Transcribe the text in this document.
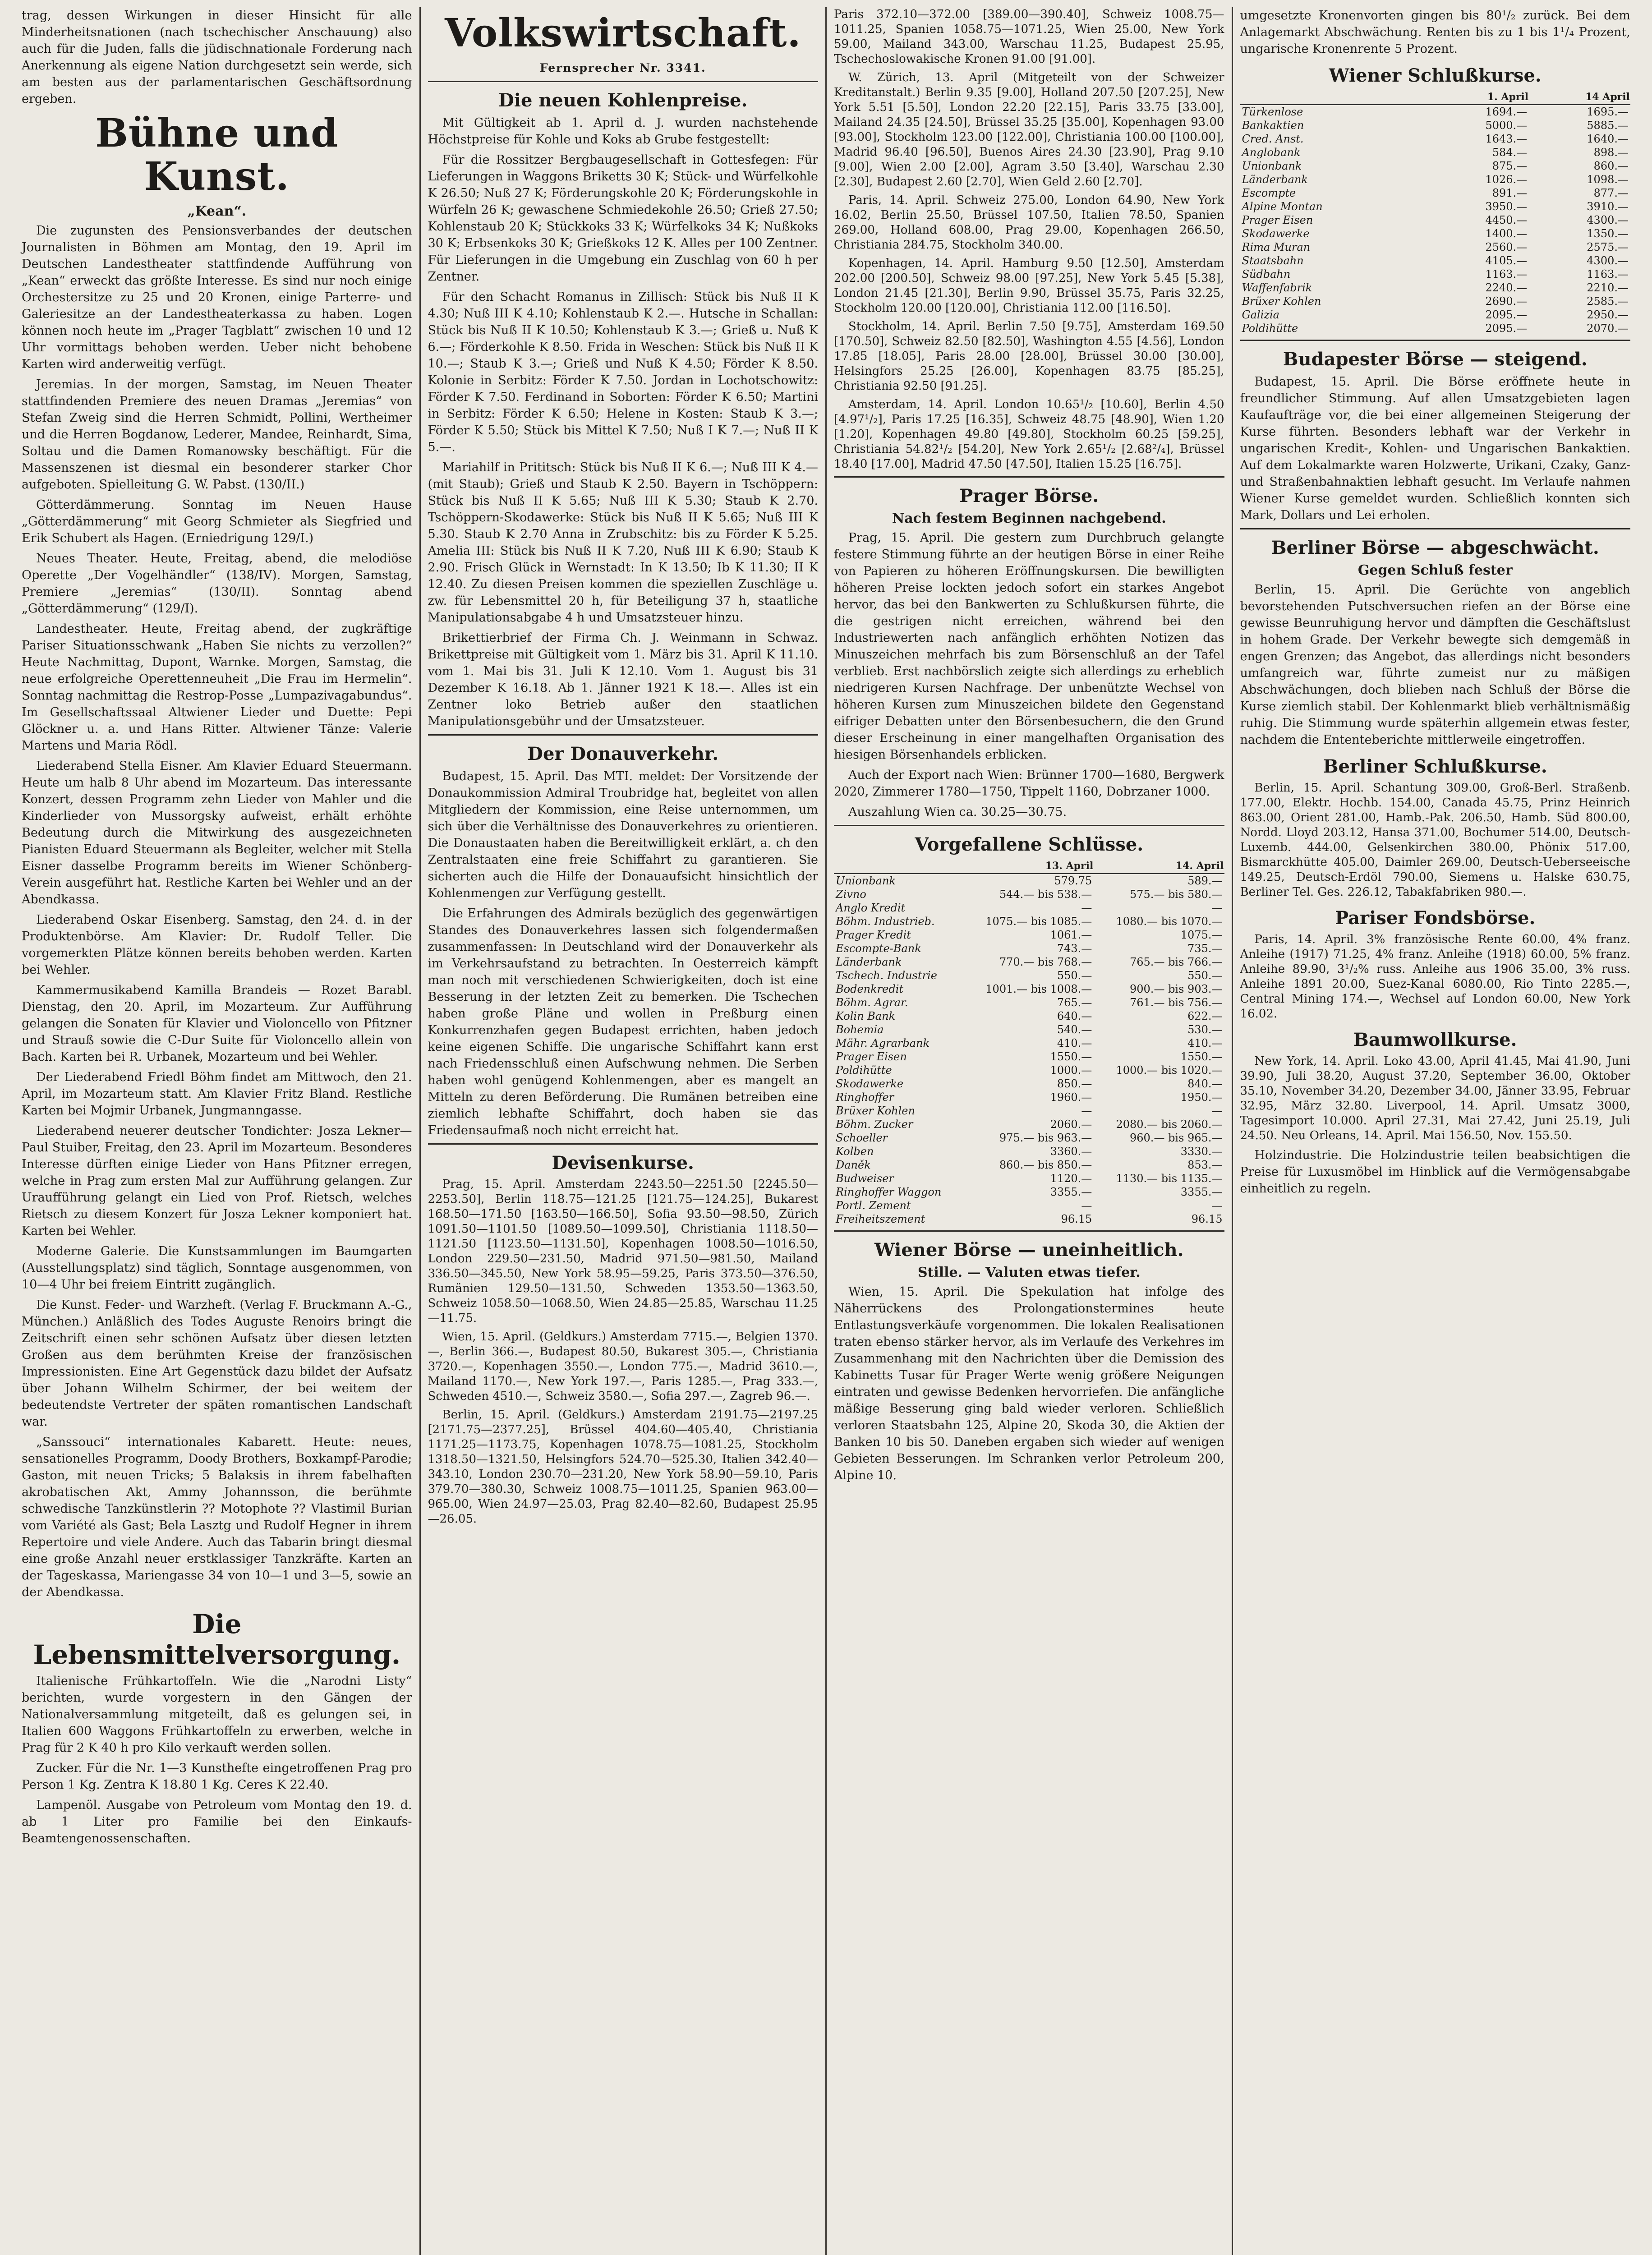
trag, dessen Wirkungen in dieser Hinsicht für alle Minderheitsnationen (nach tschechischer Anschauung) also auch für die Juden, falls die jüdischnationale Forderung nach Anerkennung als eigene Nation durchgesetzt sein werde, sich am besten aus der parlamentarischen Geschäftsordnung ergeben.

Bühne und Kunst.
„Kean“.

Die zugunsten des Pensionsverbandes der deutschen Journalisten in Böhmen am Montag, den 19. April im Deutschen Landestheater stattfindende Aufführung von „Kean“ erweckt das größte Interesse. Es sind nur noch einige Orchestersitze zu 25 und 20 Kronen, einige Parterre- und Galeriesitze an der Landestheaterkassa zu haben. Logen können noch heute im „Prager Tagblatt“ zwischen 10 und 12 Uhr vormittags behoben werden. Ueber nicht behobene Karten wird anderweitig verfügt.

Jeremias. In der morgen, Samstag, im Neuen Theater stattfindenden Premiere des neuen Dramas „Jeremias“ von Stefan Zweig sind die Herren Schmidt, Pollini, Wertheimer und die Herren Bogdanow, Lederer, Mandee, Reinhardt, Sima, Soltau und die Damen Romanowsky beschäftigt. Für die Massenszenen ist diesmal ein besonderer starker Chor aufgeboten. Spielleitung G. W. Pabst. (130/II.)

Götterdämmerung. Sonntag im Neuen Hause „Götterdämmerung“ mit Georg Schmieter als Siegfried und Erik Schubert als Hagen. (Erniedrigung 129/I.)

Neues Theater. Heute, Freitag, abend, die melodiöse Operette „Der Vogelhändler“ (138/IV). Morgen, Samstag, Premiere „Jeremias“ (130/II). Sonntag abend „Götterdämmerung“ (129/I).

Landestheater. Heute, Freitag abend, der zugkräftige Pariser Situationsschwank „Haben Sie nichts zu verzollen?“ Heute Nachmittag, Dupont, Warnke. Morgen, Samstag, die neue erfolgreiche Operettenneuheit „Die Frau im Hermelin“. Sonntag nachmittag die Restrop-Posse „Lumpazivagabundus“. Im Gesellschaftssaal Altwiener Lieder und Duette: Pepi Glöckner u. a. und Hans Ritter. Altwiener Tänze: Valerie Martens und Maria Rödl.

Liederabend Stella Eisner. Am Klavier Eduard Steuermann. Heute um halb 8 Uhr abend im Mozarteum. Das interessante Konzert, dessen Programm zehn Lieder von Mahler und die Kinderlieder von Mussorgsky aufweist, erhält erhöhte Bedeutung durch die Mitwirkung des ausgezeichneten Pianisten Eduard Steuermann als Begleiter, welcher mit Stella Eisner dasselbe Programm bereits im Wiener Schönberg-Verein ausgeführt hat. Restliche Karten bei Wehler und an der Abendkassa.

Liederabend Oskar Eisenberg. Samstag, den 24. d. in der Produktenbörse. Am Klavier: Dr. Rudolf Teller. Die vorgemerkten Plätze können bereits behoben werden. Karten bei Wehler.

Kammermusikabend Kamilla Brandeis — Rozet Barabl. Dienstag, den 20. April, im Mozarteum. Zur Aufführung gelangen die Sonaten für Klavier und Violoncello von Pfitzner und Strauß sowie die C-Dur Suite für Violoncello allein von Bach. Karten bei R. Urbanek, Mozarteum und bei Wehler.

Der Liederabend Friedl Böhm findet am Mittwoch, den 21. April, im Mozarteum statt. Am Klavier Fritz Bland. Restliche Karten bei Mojmir Urbanek, Jungmanngasse.

Liederabend neuerer deutscher Tondichter: Josza Lekner—Paul Stuiber, Freitag, den 23. April im Mozarteum. Besonderes Interesse dürften einige Lieder von Hans Pfitzner erregen, welche in Prag zum ersten Mal zur Aufführung gelangen. Zur Uraufführung gelangt ein Lied von Prof. Rietsch, welches Rietsch zu diesem Konzert für Josza Lekner komponiert hat. Karten bei Wehler.

Moderne Galerie. Die Kunstsammlungen im Baumgarten (Ausstellungsplatz) sind täglich, Sonntage ausgenommen, von 10—4 Uhr bei freiem Eintritt zugänglich.

Die Kunst. Feder- und Warzheft. (Verlag F. Bruckmann A.-G., München.) Anläßlich des Todes Auguste Renoirs bringt die Zeitschrift einen sehr schönen Aufsatz über diesen letzten Großen aus dem berühmten Kreise der französischen Impressionisten. Eine Art Gegenstück dazu bildet der Aufsatz über Johann Wilhelm Schirmer, der bei weitem der bedeutendste Vertreter der späten romantischen Landschaft war.

„Sanssouci“ internationales Kabarett. Heute: neues, sensationelles Programm, Doody Brothers, Boxkampf-Parodie; Gaston, mit neuen Tricks; 5 Balaksis in ihrem fabelhaften akrobatischen Akt, Ammy Johannsson, die berühmte schwedische Tanzkünstlerin ?? Motophote ?? Vlastimil Burian vom Variété als Gast; Bela Lasztg und Rudolf Hegner in ihrem Repertoire und viele Andere. Auch das Tabarin bringt diesmal eine große Anzahl neuer erstklassiger Tanzkräfte. Karten an der Tageskassa, Mariengasse 34 von 10—1 und 3—5, sowie an der Abendkassa.

Die Lebensmittelversorgung.

Italienische Frühkartoffeln. Wie die „Narodni Listy“ berichten, wurde vorgestern in den Gängen der Nationalversammlung mitgeteilt, daß es gelungen sei, in Italien 600 Waggons Frühkartoffeln zu erwerben, welche in Prag für 2 K 40 h pro Kilo verkauft werden sollen.

Zucker. Für die Nr. 1—3 Kunsthefte eingetroffenen Prag pro Person 1 Kg. Zentra K 18.80 1 Kg. Ceres K 22.40.

Lampenöl. Ausgabe von Petroleum vom Montag den 19. d. ab 1 Liter pro Familie bei den Einkaufs-Beamtengenossenschaften.

Volkswirtschaft.
Fernsprecher Nr. 3341.
Die neuen Kohlenpreise.

Mit Gültigkeit ab 1. April d. J. wurden nachstehende Höchstpreise für Kohle und Koks ab Grube festgestellt:

Für die Rossitzer Bergbaugesellschaft in Gottesfegen: Für Lieferungen in Waggons Briketts 30 K; Stück- und Würfelkohle K 26.50; Nuß 27 K; Förderungskohle 20 K; Förderungskohle in Würfeln 26 K; gewaschene Schmiedekohle 26.50; Grieß 27.50; Kohlenstaub 20 K; Stückkoks 33 K; Würfelkoks 34 K; Nußkoks 30 K; Erbsenkoks 30 K; Grießkoks 12 K. Alles per 100 Zentner. Für Lieferungen in die Umgebung ein Zuschlag von 60 h per Zentner.

Für den Schacht Romanus in Zillisch: Stück bis Nuß II K 4.30; Nuß III K 4.10; Kohlenstaub K 2.—. Hutsche in Schallan: Stück bis Nuß II K 10.50; Kohlenstaub K 3.—; Grieß u. Nuß K 6.—; Förderkohle K 8.50. Frida in Weschen: Stück bis Nuß II K 10.—; Staub K 3.—; Grieß und Nuß K 4.50; Förder K 8.50. Kolonie in Serbitz: Förder K 7.50. Jordan in Lochotschowitz: Förder K 7.50. Ferdinand in Soborten: Förder K 6.50; Martini in Serbitz: Förder K 6.50; Helene in Kosten: Staub K 3.—; Förder K 5.50; Stück bis Mittel K 7.50; Nuß I K 7.—; Nuß II K 5.—.

Mariahilf in Prititsch: Stück bis Nuß II K 6.—; Nuß III K 4.— (mit Staub); Grieß und Staub K 2.50. Bayern in Tschöppern: Stück bis Nuß II K 5.65; Nuß III K 5.30; Staub K 2.70. Tschöppern-Skodawerke: Stück bis Nuß II K 5.65; Nuß III K 5.30. Staub K 2.70 Anna in Zrubschitz: bis zu Förder K 5.25. Amelia III: Stück bis Nuß II K 7.20, Nuß III K 6.90; Staub K 2.90. Frisch Glück in Wernstadt: In K 13.50; Ib K 11.30; II K 12.40. Zu diesen Preisen kommen die speziellen Zuschläge u. zw. für Lebensmittel 20 h, für Beteiligung 37 h, staatliche Manipulationsabgabe 4 h und Umsatzsteuer hinzu.

Brikettierbrief der Firma Ch. J. Weinmann in Schwaz. Brikettpreise mit Gültigkeit vom 1. März bis 31. April K 11.10. vom 1. Mai bis 31. Juli K 12.10. Vom 1. August bis 31 Dezember K 16.18. Ab 1. Jänner 1921 K 18.—. Alles ist ein Zentner loko Betrieb außer den staatlichen Manipulationsgebühr und der Umsatzsteuer.

Der Donauverkehr.

Budapest, 15. April. Das MTI. meldet: Der Vorsitzende der Donaukommission Admiral Troubridge hat, begleitet von allen Mitgliedern der Kommission, eine Reise unternommen, um sich über die Verhältnisse des Donauverkehres zu orientieren. Die Donaustaaten haben die Bereitwilligkeit erklärt, a. ch den Zentralstaaten eine freie Schiffahrt zu garantieren. Sie sicherten auch die Hilfe der Donauaufsicht hinsichtlich der Kohlenmengen zur Verfügung gestellt.

Die Erfahrungen des Admirals bezüglich des gegenwärtigen Standes des Donauverkehres lassen sich folgendermaßen zusammenfassen: In Deutschland wird der Donauverkehr als im Verkehrsaufstand zu betrachten. In Oesterreich kämpft man noch mit verschiedenen Schwierigkeiten, doch ist eine Besserung in der letzten Zeit zu bemerken. Die Tschechen haben große Pläne und wollen in Preßburg einen Konkurrenzhafen gegen Budapest errichten, haben jedoch keine eigenen Schiffe. Die ungarische Schiffahrt kann erst nach Friedensschluß einen Aufschwung nehmen. Die Serben haben wohl genügend Kohlenmengen, aber es mangelt an Mitteln zu deren Beförderung. Die Rumänen betreiben eine ziemlich lebhafte Schiffahrt, doch haben sie das Friedensaufmaß noch nicht erreicht hat.

Devisenkurse.

Prag, 15. April. Amsterdam 2243.50—2251.50 [2245.50—2253.50], Berlin 118.75—121.25 [121.75—124.25], Bukarest 168.50—171.50 [163.50—166.50], Sofia 93.50—98.50, Zürich 1091.50—1101.50 [1089.50—1099.50], Christiania 1118.50—1121.50 [1123.50—1131.50], Kopenhagen 1008.50—1016.50, London 229.50—231.50, Madrid 971.50—981.50, Mailand 336.50—345.50, New York 58.95—59.25, Paris 373.50—376.50, Rumänien 129.50—131.50, Schweden 1353.50—1363.50, Schweiz 1058.50—1068.50, Wien 24.85—25.85, Warschau 11.25—11.75.

Wien, 15. April. (Geldkurs.) Amsterdam 7715.—, Belgien 1370.—, Berlin 366.—, Budapest 80.50, Bukarest 305.—, Christiania 3720.—, Kopenhagen 3550.—, London 775.—, Madrid 3610.—, Mailand 1170.—, New York 197.—, Paris 1285.—, Prag 333.—, Schweden 4510.—, Schweiz 3580.—, Sofia 297.—, Zagreb 96.—.

Berlin, 15. April. (Geldkurs.) Amsterdam 2191.75—2197.25 [2171.75—2377.25], Brüssel 404.60—405.40, Christiania 1171.25—1173.75, Kopenhagen 1078.75—1081.25, Stockholm 1318.50—1321.50, Helsingfors 524.70—525.30, Italien 342.40—343.10, London 230.70—231.20, New York 58.90—59.10, Paris 379.70—380.30, Schweiz 1008.75—1011.25, Spanien 963.00—965.00, Wien 24.97—25.03, Prag 82.40—82.60, Budapest 25.95—26.05.

Paris 372.10—372.00 [389.00—390.40], Schweiz 1008.75—1011.25, Spanien 1058.75—1071.25, Wien 25.00, New York 59.00, Mailand 343.00, Warschau 11.25, Budapest 25.95, Tschechoslowakische Kronen 91.00 [91.00].

W. Zürich, 13. April (Mitgeteilt von der Schweizer Kreditanstalt.) Berlin 9.35 [9.00], Holland 207.50 [207.25], New York 5.51 [5.50], London 22.20 [22.15], Paris 33.75 [33.00], Mailand 24.35 [24.50], Brüssel 35.25 [35.00], Kopenhagen 93.00 [93.00], Stockholm 123.00 [122.00], Christiania 100.00 [100.00], Madrid 96.40 [96.50], Buenos Aires 24.30 [23.90], Prag 9.10 [9.00], Wien 2.00 [2.00], Agram 3.50 [3.40], Warschau 2.30 [2.30], Budapest 2.60 [2.70], Wien Geld 2.60 [2.70].

Paris, 14. April. Schweiz 275.00, London 64.90, New York 16.02, Berlin 25.50, Brüssel 107.50, Italien 78.50, Spanien 269.00, Holland 608.00, Prag 29.00, Kopenhagen 266.50, Christiania 284.75, Stockholm 340.00.

Kopenhagen, 14. April. Hamburg 9.50 [12.50], Amsterdam 202.00 [200.50], Schweiz 98.00 [97.25], New York 5.45 [5.38], London 21.45 [21.30], Berlin 9.90, Brüssel 35.75, Paris 32.25, Stockholm 120.00 [120.00], Christiania 112.00 [116.50].

Stockholm, 14. April. Berlin 7.50 [9.75], Amsterdam 169.50 [170.50], Schweiz 82.50 [82.50], Washington 4.55 [4.56], London 17.85 [18.05], Paris 28.00 [28.00], Brüssel 30.00 [30.00], Helsingfors 25.25 [26.00], Kopenhagen 83.75 [85.25], Christiania 92.50 [91.25].

Amsterdam, 14. April. London 10.65¹/₂ [10.60], Berlin 4.50 [4.97¹/₂], Paris 17.25 [16.35], Schweiz 48.75 [48.90], Wien 1.20 [1.20], Kopenhagen 49.80 [49.80], Stockholm 60.25 [59.25], Christiania 54.82¹/₂ [54.20], New York 2.65¹/₂ [2.68²/₄], Brüssel 18.40 [17.00], Madrid 47.50 [47.50], Italien 15.25 [16.75].

Prager Börse.
Nach festem Beginnen nachgebend.

Prag, 15. April. Die gestern zum Durchbruch gelangte festere Stimmung führte an der heutigen Börse in einer Reihe von Papieren zu höheren Eröffnungskursen. Die bewilligten höheren Preise lockten jedoch sofort ein starkes Angebot hervor, das bei den Bankwerten zu Schlußkursen führte, die die gestrigen nicht erreichen, während bei den Industriewerten nach anfänglich erhöhten Notizen das Minuszeichen mehrfach bis zum Börsenschluß an der Tafel verblieb. Erst nachbörslich zeigte sich allerdings zu erheblich niedrigeren Kursen Nachfrage. Der unbenützte Wechsel von höheren Kursen zum Minuszeichen bildete den Gegenstand eifriger Debatten unter den Börsenbesuchern, die den Grund dieser Erscheinung in einer mangelhaften Organisation des hiesigen Börsenhandels erblicken.

Auch der Export nach Wien: Brünner 1700—1680, Bergwerk 2020, Zimmerer 1780—1750, Tippelt 1160, Dobrzaner 1000.

Auszahlung Wien ca. 30.25—30.75.

Vorgefallene Schlüsse.
	13. April	14. April
Unionbank	579.75	589.—
Zivno	544.— bis 538.—	575.— bis 580.—
Anglo Kredit	—	—
Böhm. Industrieb.	1075.— bis 1085.—	1080.— bis 1070.—
Prager Kredit	1061.—	1075.—
Escompte-Bank	743.—	735.—
Länderbank	770.— bis 768.—	765.— bis 766.—
Tschech. Industrie	550.—	550.—
Bodenkredit	1001.— bis 1008.—	900.— bis 903.—
Böhm. Agrar.	765.—	761.— bis 756.—
Kolin Bank	640.—	622.—
Bohemia	540.—	530.—
Mähr. Agrarbank	410.—	410.—
Prager Eisen	1550.—	1550.—
Poldihütte	1000.—	1000.— bis 1020.—
Skodawerke	850.—	840.—
Ringhoffer	1960.—	1950.—
Brüxer Kohlen	—	—
Böhm. Zucker	2060.—	2080.— bis 2060.—
Schoeller	975.— bis 963.—	960.— bis 965.—
Kolben	3360.—	3330.—
Daněk	860.— bis 850.—	853.—
Budweiser	1120.—	1130.— bis 1135.—
Ringhoffer Waggon	3355.—	3355.—
Portl. Zement	—	—
Freiheitszement	96.15	96.15
Wiener Börse — uneinheitlich.
Stille. — Valuten etwas tiefer.

Wien, 15. April. Die Spekulation hat infolge des Näherrückens des Prolongationstermines heute Entlastungsverkäufe vorgenommen. Die lokalen Realisationen traten ebenso stärker hervor, als im Verlaufe des Verkehres im Zusammenhang mit den Nachrichten über die Demission des Kabinetts Tusar für Prager Werte wenig größere Neigungen eintraten und gewisse Bedenken hervorriefen. Die anfängliche mäßige Besserung ging bald wieder verloren. Schließlich verloren Staatsbahn 125, Alpine 20, Skoda 30, die Aktien der Banken 10 bis 50. Daneben ergaben sich wieder auf wenigen Gebieten Besserungen. Im Schranken verlor Petroleum 200, Alpine 10.

umgesetzte Kronenvorten gingen bis 80¹/₂ zurück. Bei dem Anlagemarkt Abschwächung. Renten bis zu 1 bis 1¹/₄ Prozent, ungarische Kronenrente 5 Prozent.

Wiener Schlußkurse.
	1. April	14 April
Türkenlose	1694.—	1695.—
Bankaktien	5000.—	5885.—
Cred. Anst.	1643.—	1640.—
Anglobank	584.—	898.—
Unionbank	875.—	860.—
Länderbank	1026.—	1098.—
Escompte	891.—	877.—
Alpine Montan	3950.—	3910.—
Prager Eisen	4450.—	4300.—
Skodawerke	1400.—	1350.—
Rima Muran	2560.—	2575.—
Staatsbahn	4105.—	4300.—
Südbahn	1163.—	1163.—
Waffenfabrik	2240.—	2210.—
Brüxer Kohlen	2690.—	2585.—
Galizia	2095.—	2950.—
Poldihütte	2095.—	2070.—
Budapester Börse — steigend.

Budapest, 15. April. Die Börse eröffnete heute in freundlicher Stimmung. Auf allen Umsatzgebieten lagen Kaufaufträge vor, die bei einer allgemeinen Steigerung der Kurse führten. Besonders lebhaft war der Verkehr in ungarischen Kredit-, Kohlen- und Ungarischen Bankaktien. Auf dem Lokalmarkte waren Holzwerte, Urikani, Czaky, Ganz- und Straßenbahnaktien lebhaft gesucht. Im Verlaufe nahmen Wiener Kurse gemeldet wurden. Schließlich konnten sich Mark, Dollars und Lei erholen.

Berliner Börse — abgeschwächt.
Gegen Schluß fester

Berlin, 15. April. Die Gerüchte von angeblich bevorstehenden Putschversuchen riefen an der Börse eine gewisse Beunruhigung hervor und dämpften die Geschäftslust in hohem Grade. Der Verkehr bewegte sich demgemäß in engen Grenzen; das Angebot, das allerdings nicht besonders umfangreich war, führte zumeist nur zu mäßigen Abschwächungen, doch blieben nach Schluß der Börse die Kurse ziemlich stabil. Der Kohlenmarkt blieb verhältnismäßig ruhig. Die Stimmung wurde späterhin allgemein etwas fester, nachdem die Ententeberichte mittlerweile eingetroffen.

Berliner Schlußkurse.

Berlin, 15. April. Schantung 309.00, Groß-Berl. Straßenb. 177.00, Elektr. Hochb. 154.00, Canada 45.75, Prinz Heinrich 863.00, Orient 281.00, Hamb.-Pak. 206.50, Hamb. Süd 800.00, Nordd. Lloyd 203.12, Hansa 371.00, Bochumer 514.00, Deutsch-Luxemb. 444.00, Gelsenkirchen 380.00, Phönix 517.00, Bismarckhütte 405.00, Daimler 269.00, Deutsch-Ueberseeische 149.25, Deutsch-Erdöl 790.00, Siemens u. Halske 630.75, Berliner Tel. Ges. 226.12, Tabakfabriken 980.—.

Pariser Fondsbörse.

Paris, 14. April. 3% französische Rente 60.00, 4% franz. Anleihe (1917) 71.25, 4% franz. Anleihe (1918) 60.00, 5% franz. Anleihe 89.90, 3¹/₂% russ. Anleihe aus 1906 35.00, 3% russ. Anleihe 1891 20.00, Suez-Kanal 6080.00, Rio Tinto 2285.—, Central Mining 174.—, Wechsel auf London 60.00, New York 16.02.

Baumwollkurse.

New York, 14. April. Loko 43.00, April 41.45, Mai 41.90, Juni 39.90, Juli 38.20, August 37.20, September 36.00, Oktober 35.10, November 34.20, Dezember 34.00, Jänner 33.95, Februar 32.95, März 32.80. Liverpool, 14. April. Umsatz 3000, Tagesimport 10.000. April 27.31, Mai 27.42, Juni 25.19, Juli 24.50. Neu Orleans, 14. April. Mai 156.50, Nov. 155.50.

Holzindustrie. Die Holzindustrie teilen beabsichtigen die Preise für Luxusmöbel im Hinblick auf die Vermögensabgabe einheitlich zu regeln.
